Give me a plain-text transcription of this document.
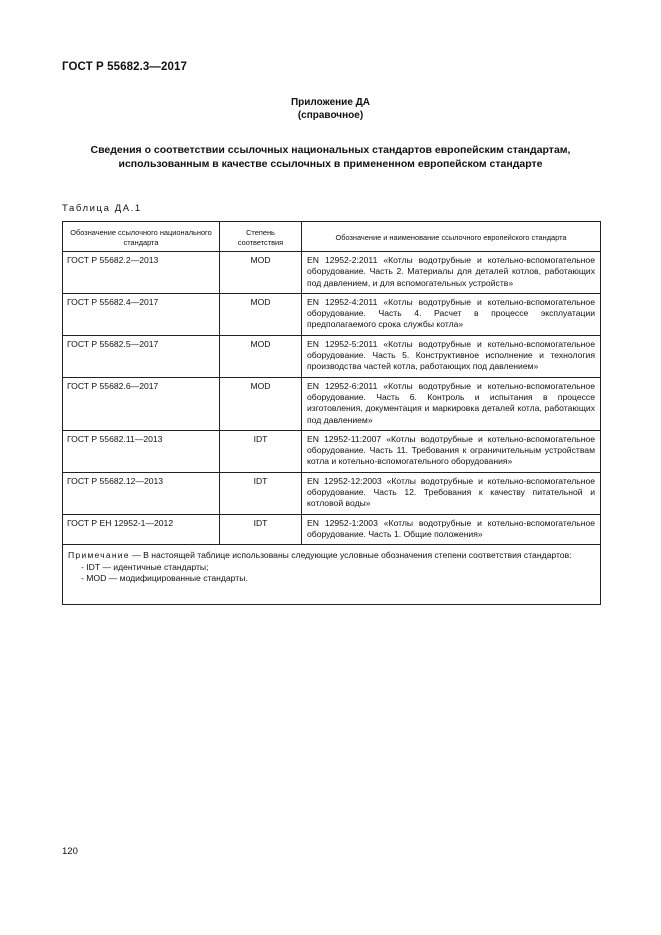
ГОСТ Р 55682.3—2017
Приложение ДА
(справочное)
Сведения о соответствии ссылочных национальных стандартов европейским стандартам,
использованным в качестве ссылочных в примененном европейском стандарте
Таблица ДА.1
Обозначение ссылочного национального стандарта	Степень соответствия	Обозначение и наименование ссылочного европейского стандарта
ГОСТ Р 55682.2—2013	MOD	EN 12952-2:2011 «Котлы водотрубные и котельно-вспомогательное оборудование. Часть 2. Материалы для деталей котлов, работающих под давлением, и для вспомогательных устройств»
ГОСТ Р 55682.4—2017	MOD	EN 12952-4:2011 «Котлы водотрубные и котельно-вспомогательное оборудование. Часть 4. Расчет в процессе эксплуатации предполагаемого срока службы котла»
ГОСТ Р 55682.5—2017	MOD	EN 12952-5:2011 «Котлы водотрубные и котельно-вспомогательное оборудование. Часть 5. Конструктивное исполнение и технология производства частей котла, работающих под давлением»
ГОСТ Р 55682.6—2017	MOD	EN 12952-6:2011 «Котлы водотрубные и котельно-вспомогательное оборудование. Часть 6. Контроль и испытания в процессе изготовления, документация и маркировка деталей котла, работающих под давлением»
ГОСТ Р 55682.11—2013	IDT	EN 12952-11:2007 «Котлы водотрубные и котельно-вспомогательное оборудование. Часть 11. Требования к ограничительным устройствам котла и котельно-вспомогательного оборудования»
ГОСТ Р 55682.12—2013	IDT	EN 12952-12:2003 «Котлы водотрубные и котельно-вспомогательное оборудование. Часть 12. Требования к качеству питательной и котловой воды»
ГОСТ Р ЕН 12952-1—2012	IDT	EN 12952-1:2003 «Котлы водотрубные и котельно-вспомогательное оборудование. Часть 1. Общие положения»

Примечание — В настоящей таблице использованы следующие условные обозначения степени соответствия стандартов:
- IDT — идентичные стандарты;
- MOD — модифицированные стандарты.		
120
